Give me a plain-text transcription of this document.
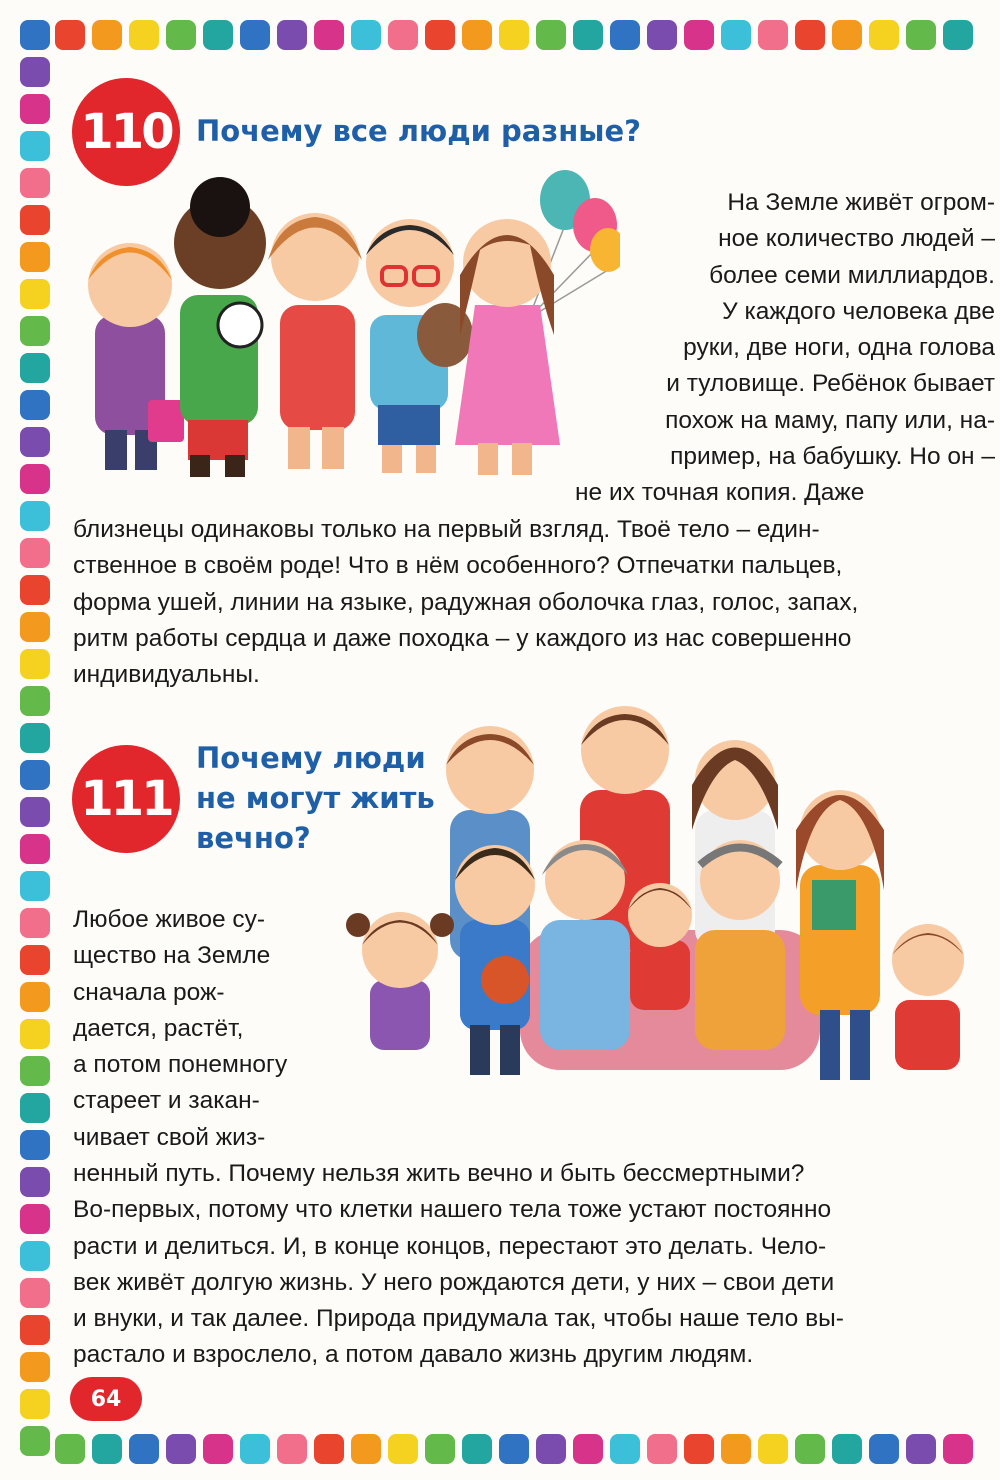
110 Почему все люди разные?
На Земле живёт огром-
ное количество людей –
более семи миллиардов.
У каждого человека две
руки, две ноги, одна голова
и туловище. Ребёнок бывает
похож на маму, папу или, на-
пример, на бабушку. Но он –
не их точная копия. Даже
близнецы одинаковы только на первый взгляд. Твоё тело – един-
ственное в своём роде! Что в нём особенного? Отпечатки пальцев,
форма ушей, линии на языке, радужная оболочка глаз, голос, запах,
ритм работы сердца и даже походка – у каждого из нас совершенно
индивидуальны.
111
Почему люди
не могут жить
вечно?
Любое живое су-
щество на Земле
сначала рож-
дается, растёт,
а потом понемногу
стареет и закан-
чивает свой жиз-
ненный путь. Почему нельзя жить вечно и быть бессмертными?
Во-первых, потому что клетки нашего тела тоже устают постоянно
расти и делиться. И, в конце концов, перестают это делать. Чело-
век живёт долгую жизнь. У него рождаются дети, у них – свои дети
и внуки, и так далее. Природа придумала так, чтобы наше тело вы-
растало и взрослело, а потом давало жизнь другим людям.
64
